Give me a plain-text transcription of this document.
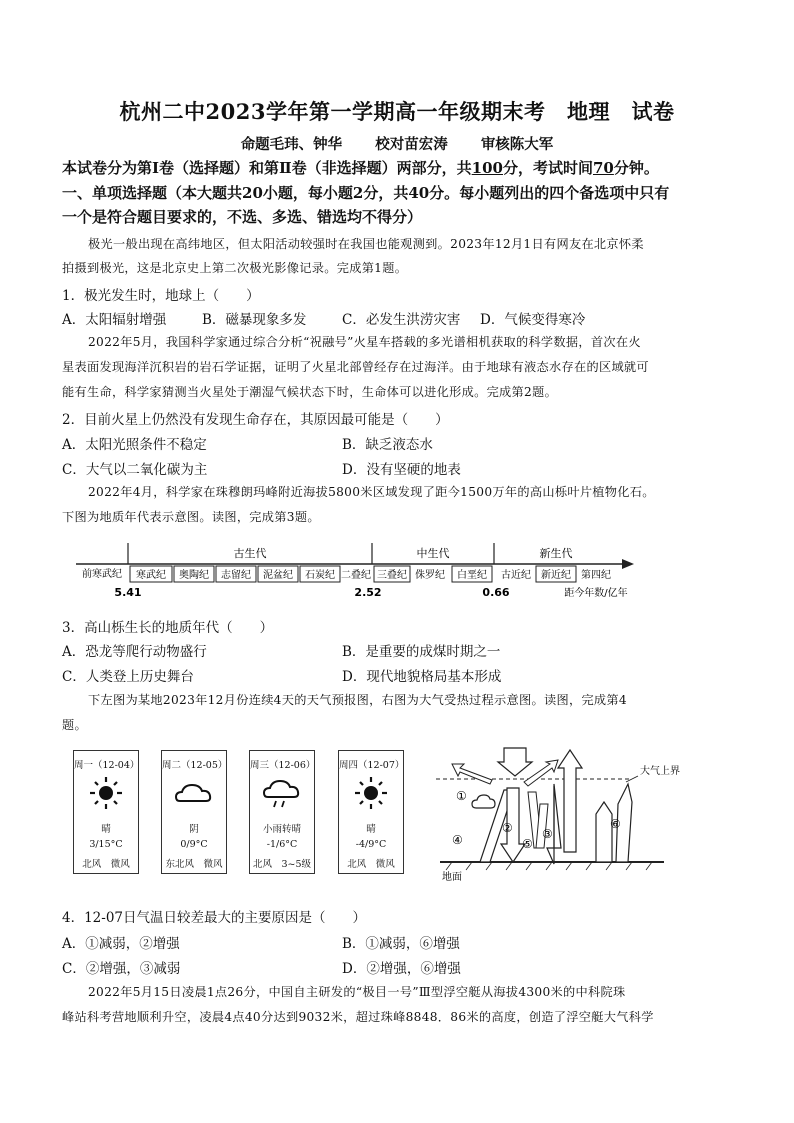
杭州二中2023学年第一学期高一年级期末考　地理　试卷
命题毛玮、钟华 校对苗宏涛 审核陈大军
本试卷分为第Ⅰ卷（选择题）和第Ⅱ卷（非选择题）两部分，共100分，考试时间70分钟。
一、单项选择题（本大题共20小题，每小题2分，共40分。每小题列出的四个备选项中只有
一个是符合题目要求的，不选、多选、错选均不得分）
极光一般出现在高纬地区，但太阳活动较强时在我国也能观测到。2023年12月1日有网友在北京怀柔
拍摄到极光，这是北京史上第二次极光影像记录。完成第1题。
1．极光发生时，地球上（　　）
A．太阳辐射增强	B．磁暴现象多发	C．必发生洪涝灾害 D．气候变得寒冷
2022年5月，我国科学家通过综合分析“祝融号”火星车搭载的多光谱相机获取的科学数据，首次在火
星表面发现海洋沉积岩的岩石学证据，证明了火星北部曾经存在过海洋。由于地球有液态水存在的区域就可
能有生命，科学家猜测当火星处于潮湿气候状态下时，生命体可以进化形成。完成第2题。
2．目前火星上仍然没有发现生命存在，其原因最可能是（　　）
A．太阳光照条件不稳定	B．缺乏液态水
C．大气以二氧化碳为主	D．没有坚硬的地表
2022年4月，科学家在珠穆朗玛峰附近海拔5800米区域发现了距今1500万年的高山栎叶片植物化石。
下图为地质年代表示意图。读图，完成第3题。
古生代	中生代	新生代
前寒武纪 寒武纪 奥陶纪 志留纪 泥盆纪 石炭纪 二叠纪 三叠纪 侏罗纪 白垩纪 古近纪 新近纪 第四纪
5.41	2.52	0.66	距今年数/亿年
3．高山栎生长的地质年代（　　）
A．恐龙等爬行动物盛行	B．是重要的成煤时期之一
C．人类登上历史舞台	D．现代地貌格局基本形成
下左图为某地2023年12月份连续4天的天气预报图，右图为大气受热过程示意图。读图，完成第4
题。
周一（12-04）
晴
3/15°C
北风　微风
周二（12-05）
阴
0/9°C
东北风　微风
周三（12-06）
小雨转晴
-1/6°C
北风　3~5级
周四（12-07）
晴
-4/9°C
北风　微风
大气上界
地面
①
② ③
④	⑤
⑥
4．12-07日气温日较差最大的主要原因是（　　）
A．①减弱，②增强	B．①减弱，⑥增强
C．②增强，③减弱	D．②增强，⑥增强
2022年5月15日凌晨1点26分，中国自主研发的“极目一号”Ⅲ型浮空艇从海拔4300米的中科院珠
峰站科考营地顺利升空，凌晨4点40分达到9032米，超过珠峰8848．86米的高度，创造了浮空艇大气科学
